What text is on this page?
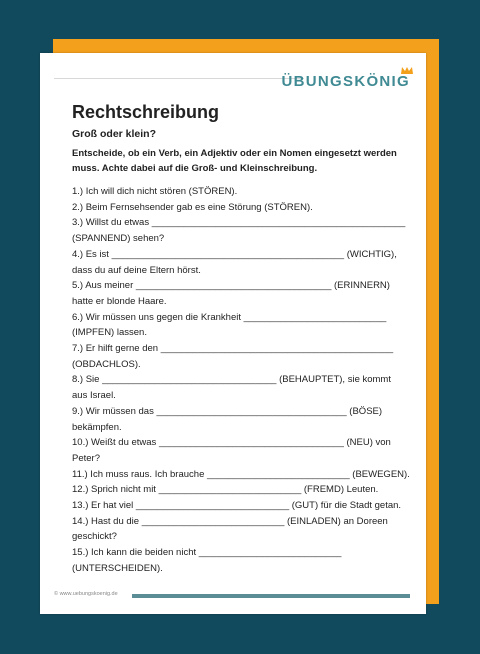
ÜBUNGSKÖNIG
Rechtschreibung
Groß oder klein?
Entscheide, ob ein Verb, ein Adjektiv oder ein Nomen eingesetzt werden muss. Achte dabei auf die Groß- und Kleinschreibung.
1.) Ich will dich nicht stören (STÖREN).
2.) Beim Fernsehsender gab es eine Störung (STÖREN).
3.) Willst du etwas ________________________________________________
(SPANNEND) sehen?
4.) Es ist ____________________________________________ (WICHTIG),
dass du auf deine Eltern hörst.
5.) Aus meiner _____________________________________ (ERINNERN)
hatte er blonde Haare.
6.) Wir müssen uns gegen die Krankheit ___________________________
(IMPFEN) lassen.
7.) Er hilft gerne den ____________________________________________
(OBDACHLOS).
8.) Sie _________________________________ (BEHAUPTET), sie kommt
aus Israel.
9.) Wir müssen das ____________________________________ (BÖSE)
bekämpfen.
10.) Weißt du etwas ___________________________________ (NEU) von
Peter?
11.) Ich muss raus. Ich brauche ___________________________ (BEWEGEN).
12.) Sprich nicht mit ___________________________ (FREMD) Leuten.
13.) Er hat viel _____________________________ (GUT) für die Stadt getan.
14.) Hast du die ___________________________ (EINLADEN) an Doreen
geschickt?
15.) Ich kann die beiden nicht ___________________________
(UNTERSCHEIDEN).
© www.uebungskoenig.de
